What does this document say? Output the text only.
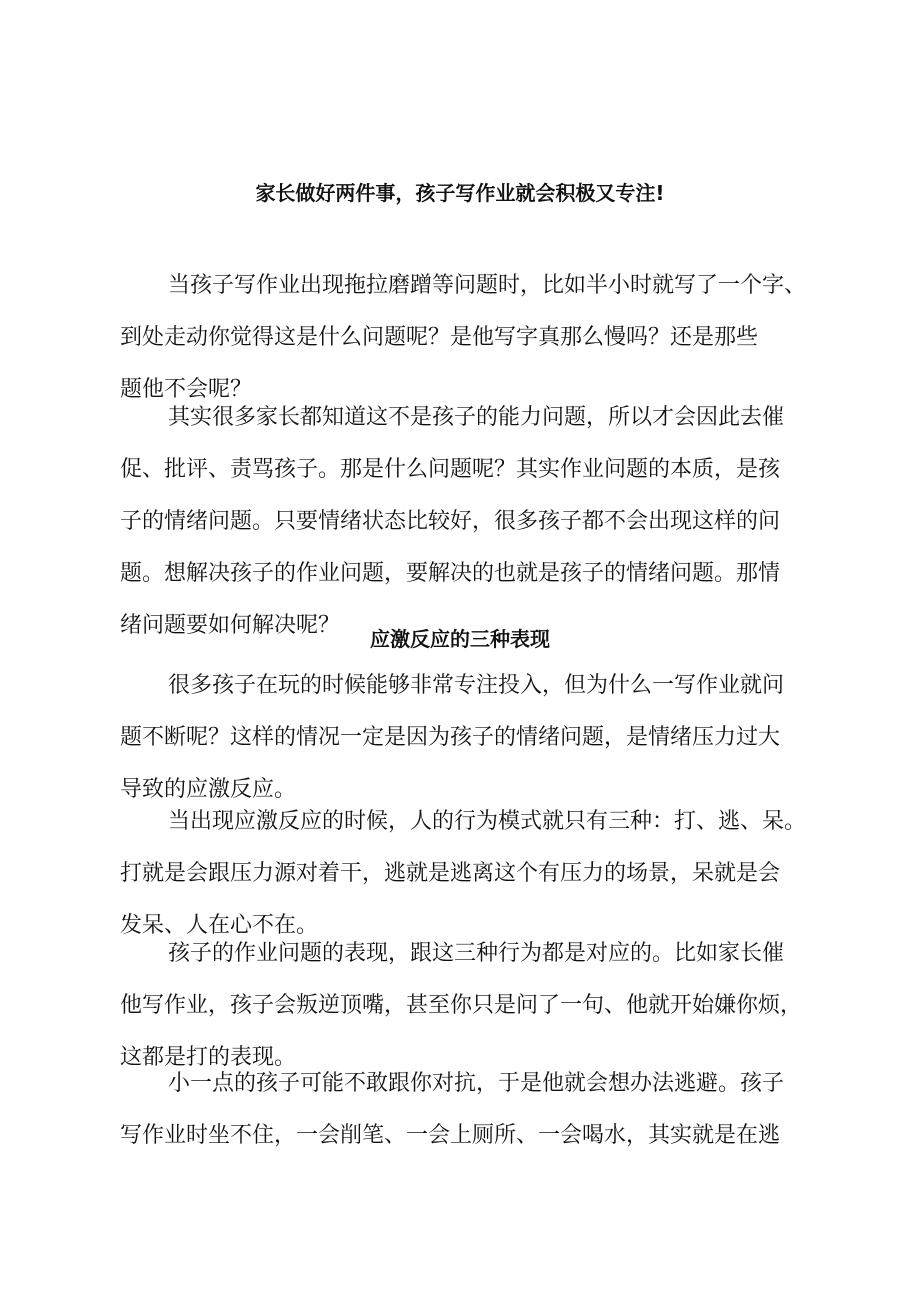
家长做好两件事，孩子写作业就会积极又专注!
当孩子写作业出现拖拉磨蹭等问题时，比如半小时就写了一个字、
到处走动你觉得这是什么问题呢？是他写字真那么慢吗？还是那些
题他不会呢？
其实很多家长都知道这不是孩子的能力问题，所以才会因此去催
促、批评、责骂孩子。那是什么问题呢？其实作业问题的本质，是孩
子的情绪问题。只要情绪状态比较好，很多孩子都不会出现这样的问
题。想解决孩子的作业问题，要解决的也就是孩子的情绪问题。那情
绪问题要如何解决呢？
应激反应的三种表现
很多孩子在玩的时候能够非常专注投入，但为什么一写作业就问
题不断呢？这样的情况一定是因为孩子的情绪问题，是情绪压力过大
导致的应激反应。
当出现应激反应的时候，人的行为模式就只有三种：打、逃、呆。
打就是会跟压力源对着干，逃就是逃离这个有压力的场景，呆就是会
发呆、人在心不在。
孩子的作业问题的表现，跟这三种行为都是对应的。比如家长催
他写作业，孩子会叛逆顶嘴，甚至你只是问了一句、他就开始嫌你烦，
这都是打的表现。
小一点的孩子可能不敢跟你对抗，于是他就会想办法逃避。孩子
写作业时坐不住，一会削笔、一会上厕所、一会喝水，其实就是在逃
